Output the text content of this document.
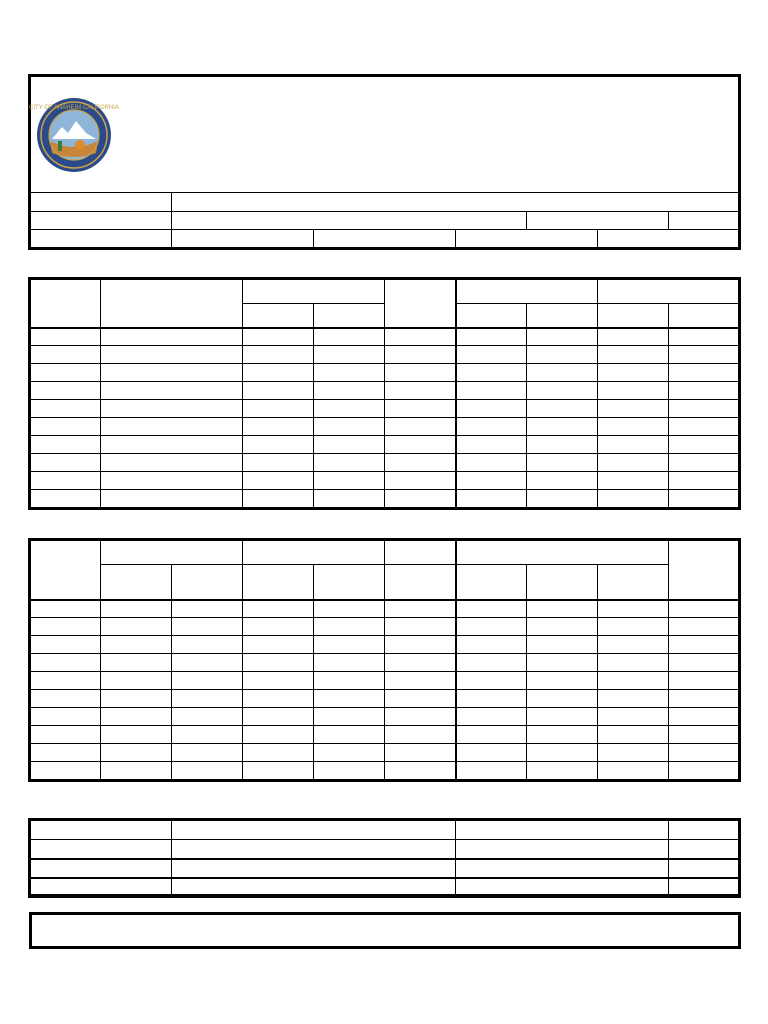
CITY OF ANAHEIM CALIFORNIA
